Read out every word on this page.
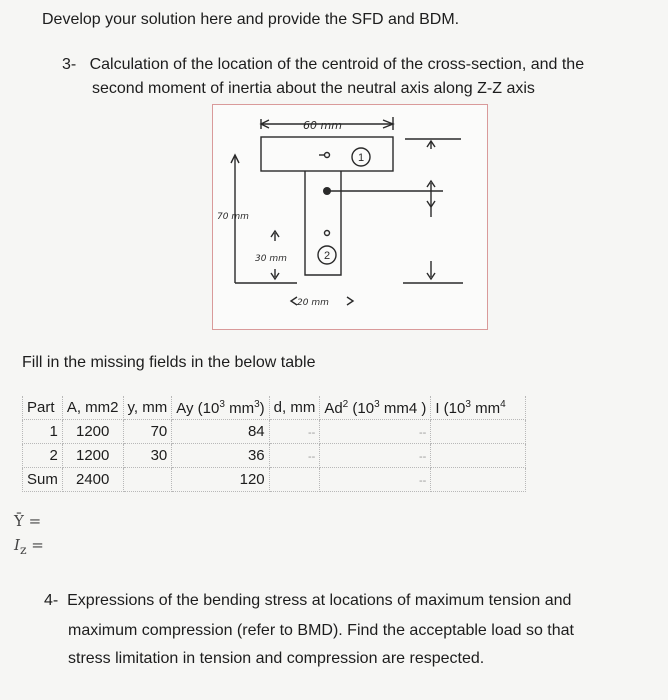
Develop your solution here and provide the SFD and BDM.
3- Calculation of the location of the centroid of the cross-section, and the
second moment of inertia about the neutral axis along Z-Z axis
60 mm
70 mm
30 mm
20 mm
1
2
Fill in the missing fields in the below table
Part	A, mm2	y, mm	Ay ($10^3$ $mm^3$)	d, mm	Ad$^2$ ($10^3$ mm4 )	I ($10^3$ $mm^4$
1	1200	70	84	--	--	
2	1200	30	36	--	--	
Sum	2400		120		--	
Ȳ =
$I_z$ =
4- Expressions of the bending stress at locations of maximum tension and
maximum compression (refer to BMD). Find the acceptable load so that
stress limitation in tension and compression are respected.
